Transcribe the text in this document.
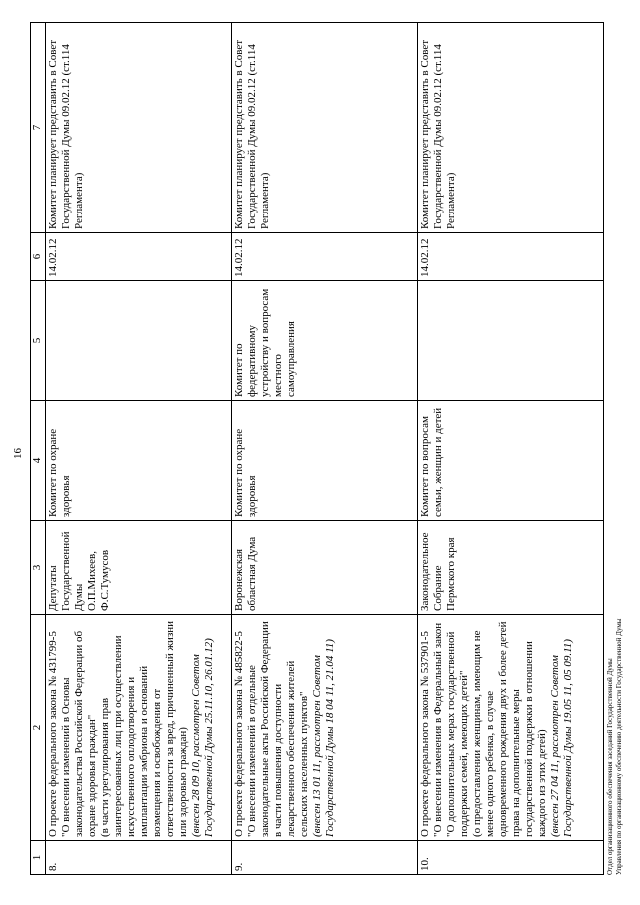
16
1	2	3	4	5	6	7
8.	О проекте федерального закона № 431799-5 "О внесении изменений в Основы законодательства Российской Федерации об охране здоровья граждан" (в части урегулирования прав заинтересованных лиц при осуществлении искусственного оплодотворения и имплантации эмбриона и оснований возмещения и освобождения от ответственности за вред, причиненный жизни или здоровью граждан) (внесен 28 09 10, рассмотрен Советом Государственной Думы 25.11.10, 26.01.12)	Депутаты Государственной Думы О.П.Михеев, Ф.С.Тумусов	Комитет по охране здоровья		14.02.12	Комитет планирует представить в Совет Государственной Думы 09.02.12 (ст.114 Регламента)
9.	О проекте федерального закона № 485822-5 "О внесении изменений в отдельные законодательные акты Российской Федерации в части повышения доступности лекарственного обеспечения жителей сельских населенных пунктов" (внесен 13 01 11, рассмотрен Советом Государственной Думы 18 04 11, 21.04 11)	Воронежская областная Дума	Комитет по охране здоровья	Комитет по федеративному устройству и вопросам местного самоуправления	14.02.12	Комитет планирует представить в Совет Государственной Думы 09.02.12 (ст.114 Регламента)
10.	О проекте федерального закона № 537901-5 "О внесении изменения в Федеральный закон "О дополнительных мерах государственной поддержки семей, имеющих детей" (о предоставлении женщинам, имеющим не менее одного ребенка, в случае одновременного рождения двух и более детей права на дополнительные меры государственной поддержки в отношении каждого из этих детей) (внесен 27 04 11, рассмотрен Советом Государственной Думы 19.05 11, 05 09.11)	Законодательное Собрание Пермского края	Комитет по вопросам семьи, женщин и детей		14.02.12	Комитет планирует представить в Совет Государственной Думы 09.02.12 (ст.114 Регламента)
Отдел организационного обеспечения заседаний Государственной Думы Управления по организационному обеспечению деятельности Государственной Думы
